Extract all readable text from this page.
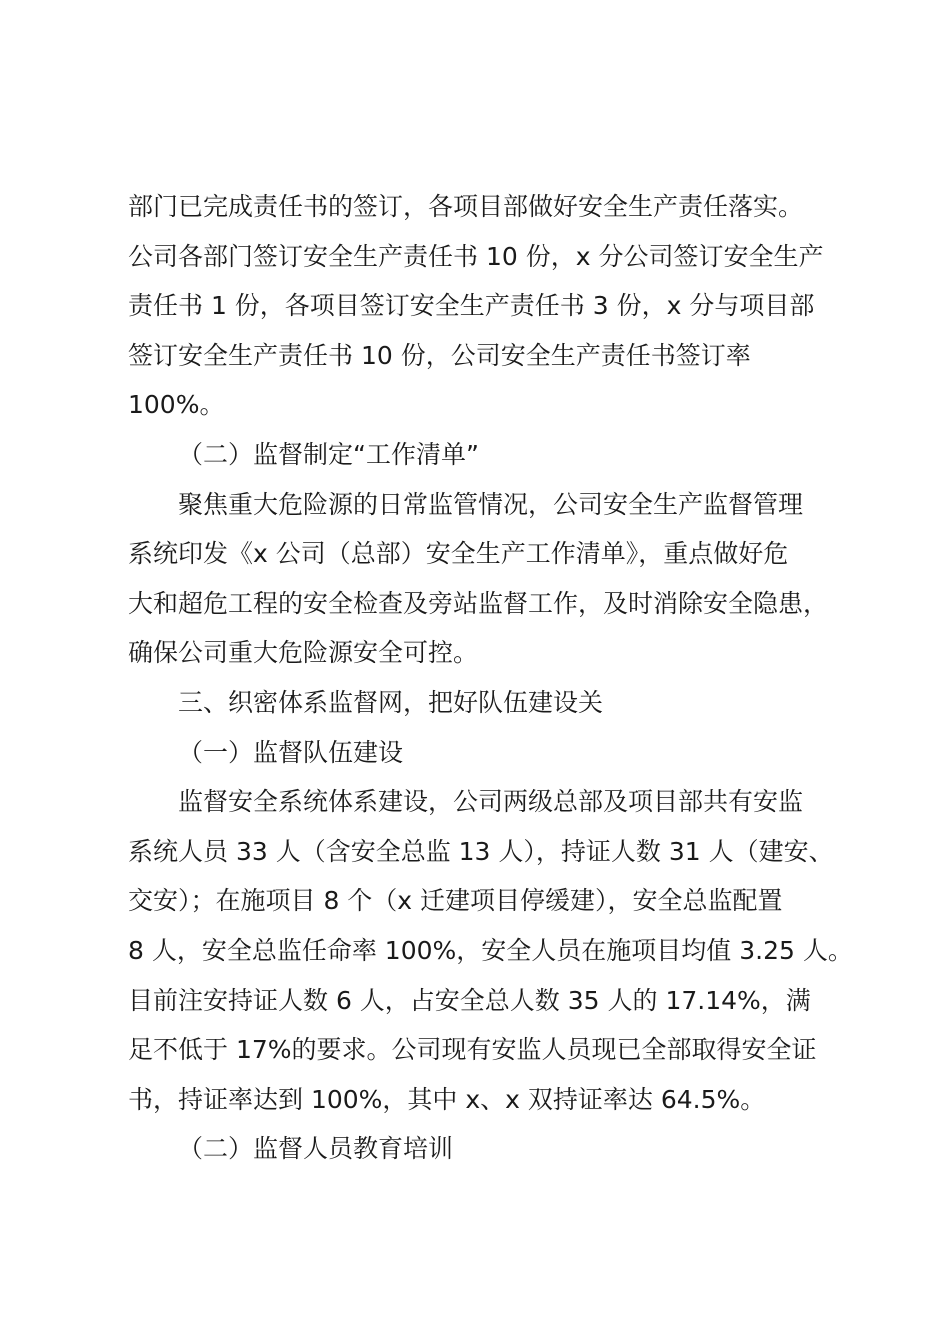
部门已完成责任书的签订，各项目部做好安全生产责任落实。
公司各部门签订安全生产责任书 10 份，x 分公司签订安全生产
责任书 1 份，各项目签订安全生产责任书 3 份，x 分与项目部
签订安全生产责任书 10 份，公司安全生产责任书签订率
100%。
（二）监督制定“工作清单”
聚焦重大危险源的日常监管情况，公司安全生产监督管理
系统印发《x 公司（总部）安全生产工作清单》，重点做好危
大和超危工程的安全检查及旁站监督工作，及时消除安全隐患，
确保公司重大危险源安全可控。
三、织密体系监督网，把好队伍建设关
（一）监督队伍建设
监督安全系统体系建设，公司两级总部及项目部共有安监
系统人员 33 人（含安全总监 13 人），持证人数 31 人（建安、
交安）；在施项目 8 个（x 迁建项目停缓建），安全总监配置
8 人，安全总监任命率 100%，安全人员在施项目均值 3.25 人。
目前注安持证人数 6 人，占安全总人数 35 人的 17.14%，满
足不低于 17%的要求。公司现有安监人员现已全部取得安全证
书，持证率达到 100%，其中 x、x 双持证率达 64.5%。
（二）监督人员教育培训
